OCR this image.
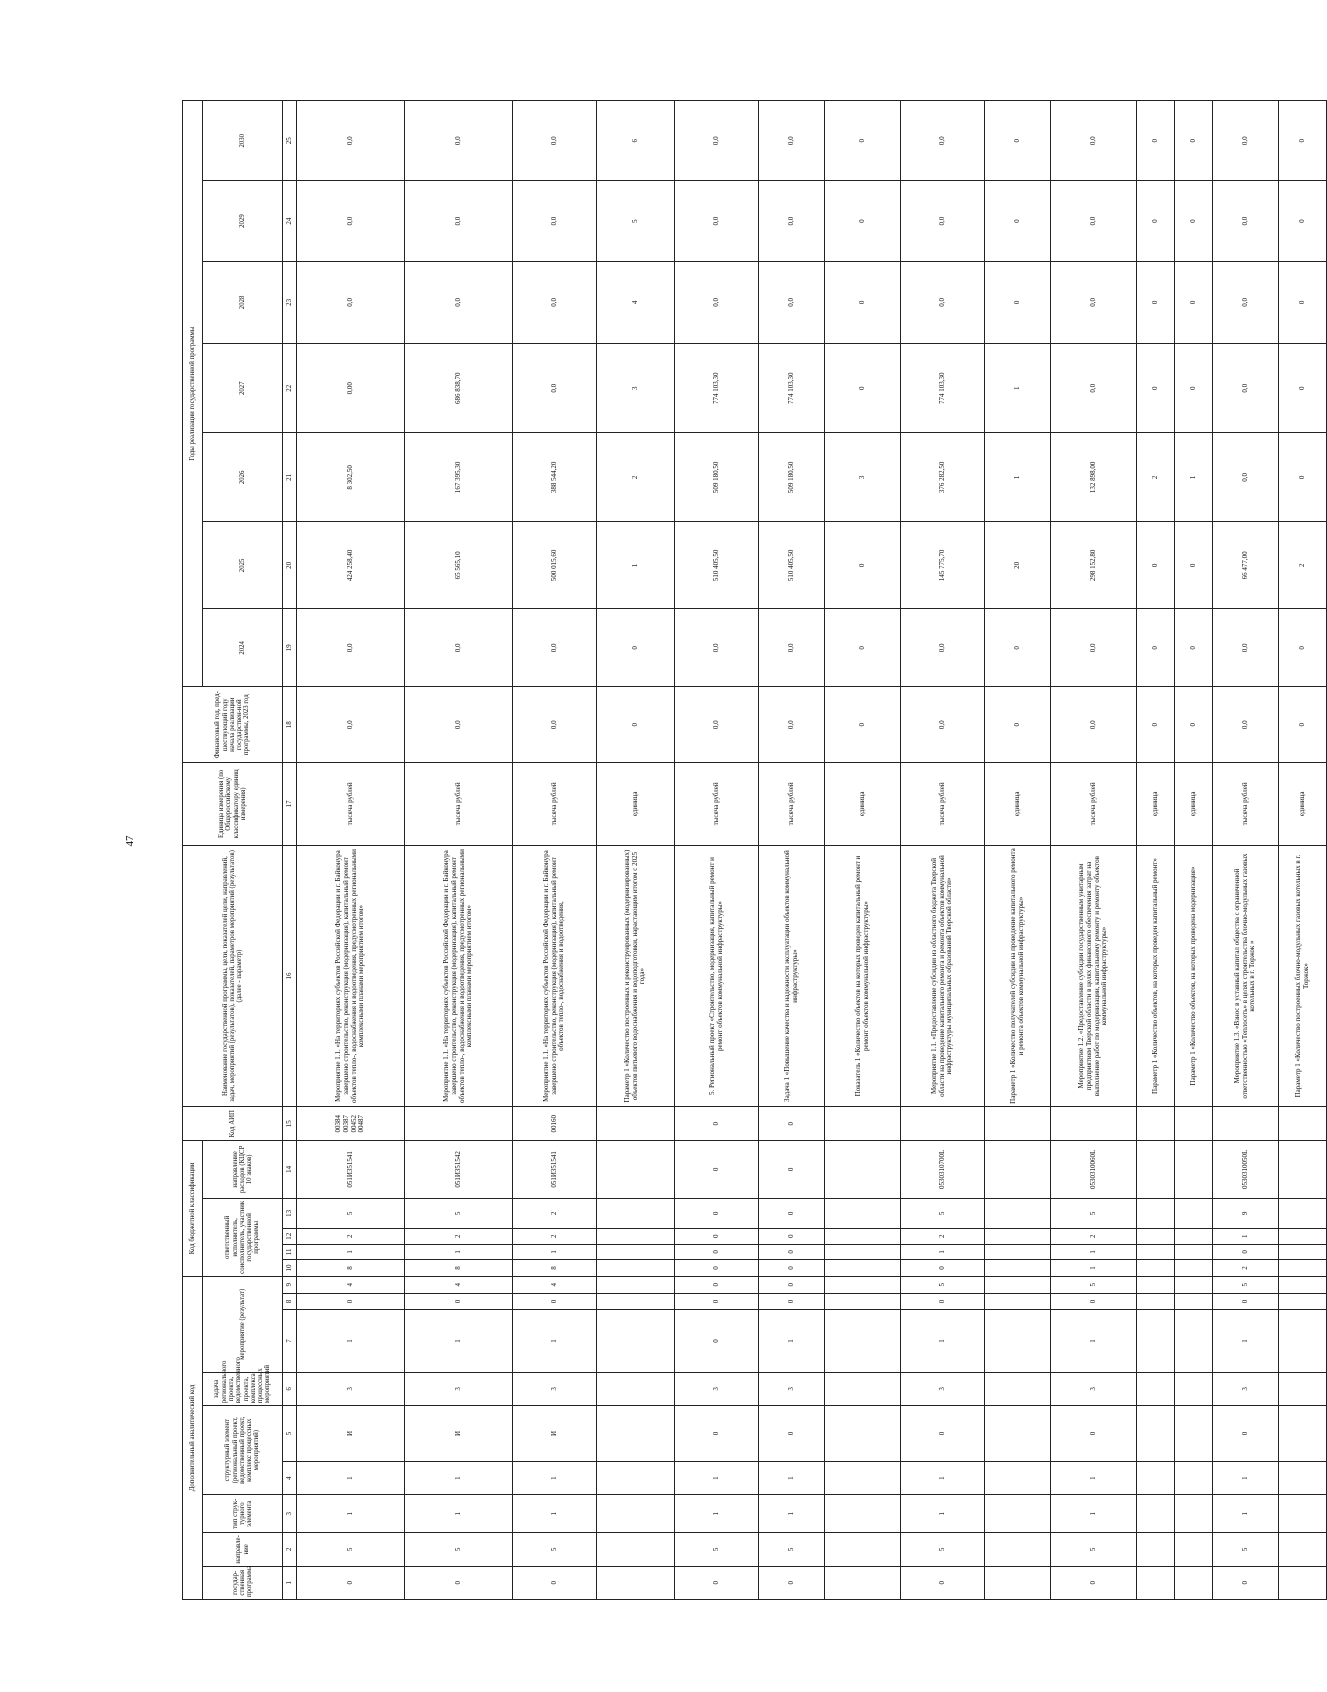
47
Дополнительный аналитический код									Код бюджетной классификации					Код АИП	Наименование государственной программы, цели, показателей цели, направлений, задач, мероприятий (результатов), показателей, параметров мероприятий (результатов) (далее - параметр)	Единица измерения (по Общероссийскому классификатору единиц измерения)	Финансовый год, пред-шествующий году начала реализации государствен-ной программы, 2023 год	Годы реализации государственной программы						
государ-ственная программа	направле-ние	тип струк-турного элемента	структурный элемент (региональный проект, ведомственный проект, комплекс процессных мероприятий)		задача регионального проекта, ведомственного проекта, комплекса процессных мероприятий	мероприятие (результат)			ответственный исполнитель, соисполнитель, участник государственной программы				направление расходов (КЦСР 10 знаков)					2024	2025	2026	2027	2028	2029	2030

1	2	3	4	5	6	7	8	9	10	11	12	13	14	15	16	17	18	19	20	21	22	23	24	25
0	5	1	1	И	3	1	0	4	8	1	2	5	051И351541	00384 00387 00452 00487	Мероприятие 1.1. «На территориях субъектов Российской Федерации и г. Байконура завершено строительство, реконструкция (модернизация), капитальный ремонт объектов тепло-, водоснабжения и водоотведения, предусмотренных региональными комплексными планами мероприятием итогом»	тысяча рублей	0,0	0,0	424 258,40	8 302,50	0,00	0,0	0,0	0,0
0	5	1	1	И	3	1	0	4	8	1	2	5	051И351542		Мероприятие 1.1. «На территориях субъектов Российской Федерации и г. Байконура завершено строительство, реконструкция (модернизация), капитальный ремонт объектов тепло-, водоснабжения и водоотведения, предусмотренных региональными комплексными планами мероприятием итогом»	тысяча рублей	0,0	0,0	65 565,10	167 395,30	686 838,70	0,0	0,0	0,0
0	5	1	1	И	3	1	0	4	8	1	2	2	051И351541	00160	Мероприятие 1.1. «На территориях субъектов Российской Федерации и г. Байконура завершено строительство, реконструкция (модернизация), капитальный ремонт объектов тепло-, водоснабжения и водоотведения,	тысяча рублей	0,0	0,0	500 015,60	388 544,20	0,0	0,0	0,0	0,0
															Параметр 1 «Количество построенных и реконструированных (модернизированных) объектов питьевого водоснабжения и водоподготовки, нарастающим итогом с 2025 года»	единица	0	0	1	2	3	4	5	6
0	5	1	1	0	3	0	0	0	0	0	0	0	0	0	5. Региональный проект «Строительство, модернизация, капитальный ремонт и ремонт объектов коммунальной инфраструктуры»	тысяча рублей	0,0	0,0	510 405,50	509 180,50	774 103,30	0,0	0,0	0,0
0	5	1	1	0	3	1	0	0	0	0	0	0	0	0	Задача 1 «Повышение качества и надежности эксплуатации объектов коммунальной инфраструктуры»	тысяча рублей	0,0	0,0	510 405,50	509 180,50	774 103,30	0,0	0,0	0,0
															Показатель 1 «Количество объектов на которых проведен капитальный ремонт и ремонт объектов коммунальной инфраструктуры»	единица	0	0	0	3	0	0	0	0
0	5	1	1	0	3	1	0	5	0	1	2	5	0530310700L		Мероприятие 1.1. «Предоставление субсидии из областного бюджета Тверской области на проведение капитального ремонта и ремонта объектов коммунальной инфраструктуры муниципальных образований Тверской области»	тысяча рублей	0,0	0,0	145 775,70	376 282,50	774 103,30	0,0	0,0	0,0
															Параметр 1 «Количество получателей субсидии на проведение капитального ремонта и ремонта объектов коммунальной инфраструктуры»	единица	0	0	20	1	1	0	0	0
0	5	1	1	0	3	1	0	5	1	1	2	5	0530310060L		Мероприятие 1.2. «Предоставление субсидии государственным унитарным предприятиям Тверской области в целях финансового обеспечения затрат на выполнение работ по модернизации, капитальному ремонту и ремонту объектов коммунальной инфраструктуры»	тысяча рублей	0,0	0,0	298 152,80	132 898,00	0,0	0,0	0,0	0,0
															Параметр 1 «Количество объектов, на которых проведен капитальный ремонт»	единица	0	0	0	2	0	0	0	0
															Параметр 1 «Количество объектов, на которых проведена модернизация»	единица	0	0	0	1	0	0	0	0
0	5	1	1	0	3	1	0	5	2	0	1	9	0530310050L		Мероприятие 1.3. «Взнос в уставный капитал общества с ограниченной ответственностью «Теплосеть» в целях строительства блочно-модульных газовых котельных в г. Торжок »	тысяча рублей	0,0	0,0	66 477,00	0,0	0,0	0,0	0,0	0,0
															Параметр 1 «Количество построенных блочно-модульных газовых котельных в г. Торжок»	единица	0	0	2	0	0	0	0	0
